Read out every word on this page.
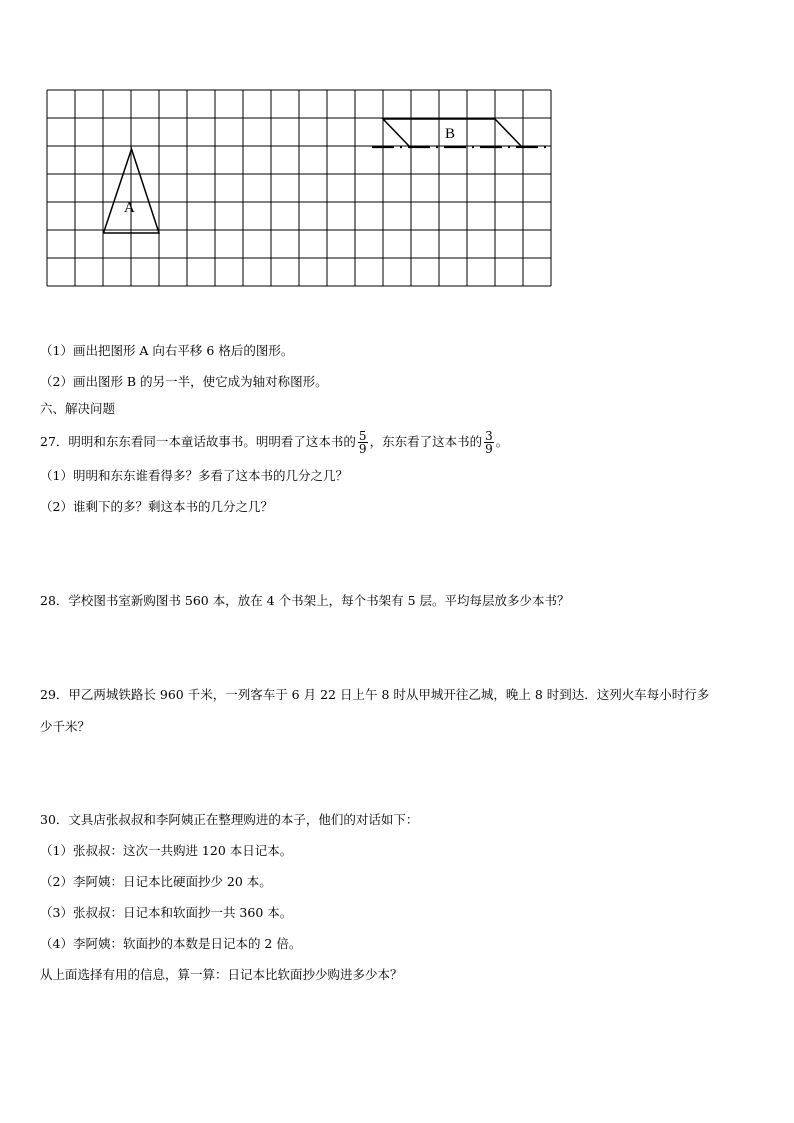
A
B
（1）画出把图形 A 向右平移 6 格后的图形。
（2）画出图形 B 的另一半，使它成为轴对称图形。
六、解决问题
27．明明和东东看同一本童话故事书。明明看了这本书的 $\frac{5}{9}$ ，东东看了这本书的 $\frac{3}{9}$ 。
（1）明明和东东谁看得多？多看了这本书的几分之几？
（2）谁剩下的多？剩这本书的几分之几？
28．学校图书室新购图书 560 本，放在 4 个书架上，每个书架有 5 层。平均每层放多少本书？
29．甲乙两城铁路长 960 千米，一列客车于 6 月 22 日上午 8 时从甲城开往乙城，晚上 8 时到达．这列火车每小时行多
少千米？
30．文具店张叔叔和李阿姨正在整理购进的本子，他们的对话如下：
（1）张叔叔：这次一共购进 120 本日记本。
（2）李阿姨：日记本比硬面抄少 20 本。
（3）张叔叔：日记本和软面抄一共 360 本。
（4）李阿姨：软面抄的本数是日记本的 2 倍。
从上面选择有用的信息，算一算：日记本比软面抄少购进多少本？
